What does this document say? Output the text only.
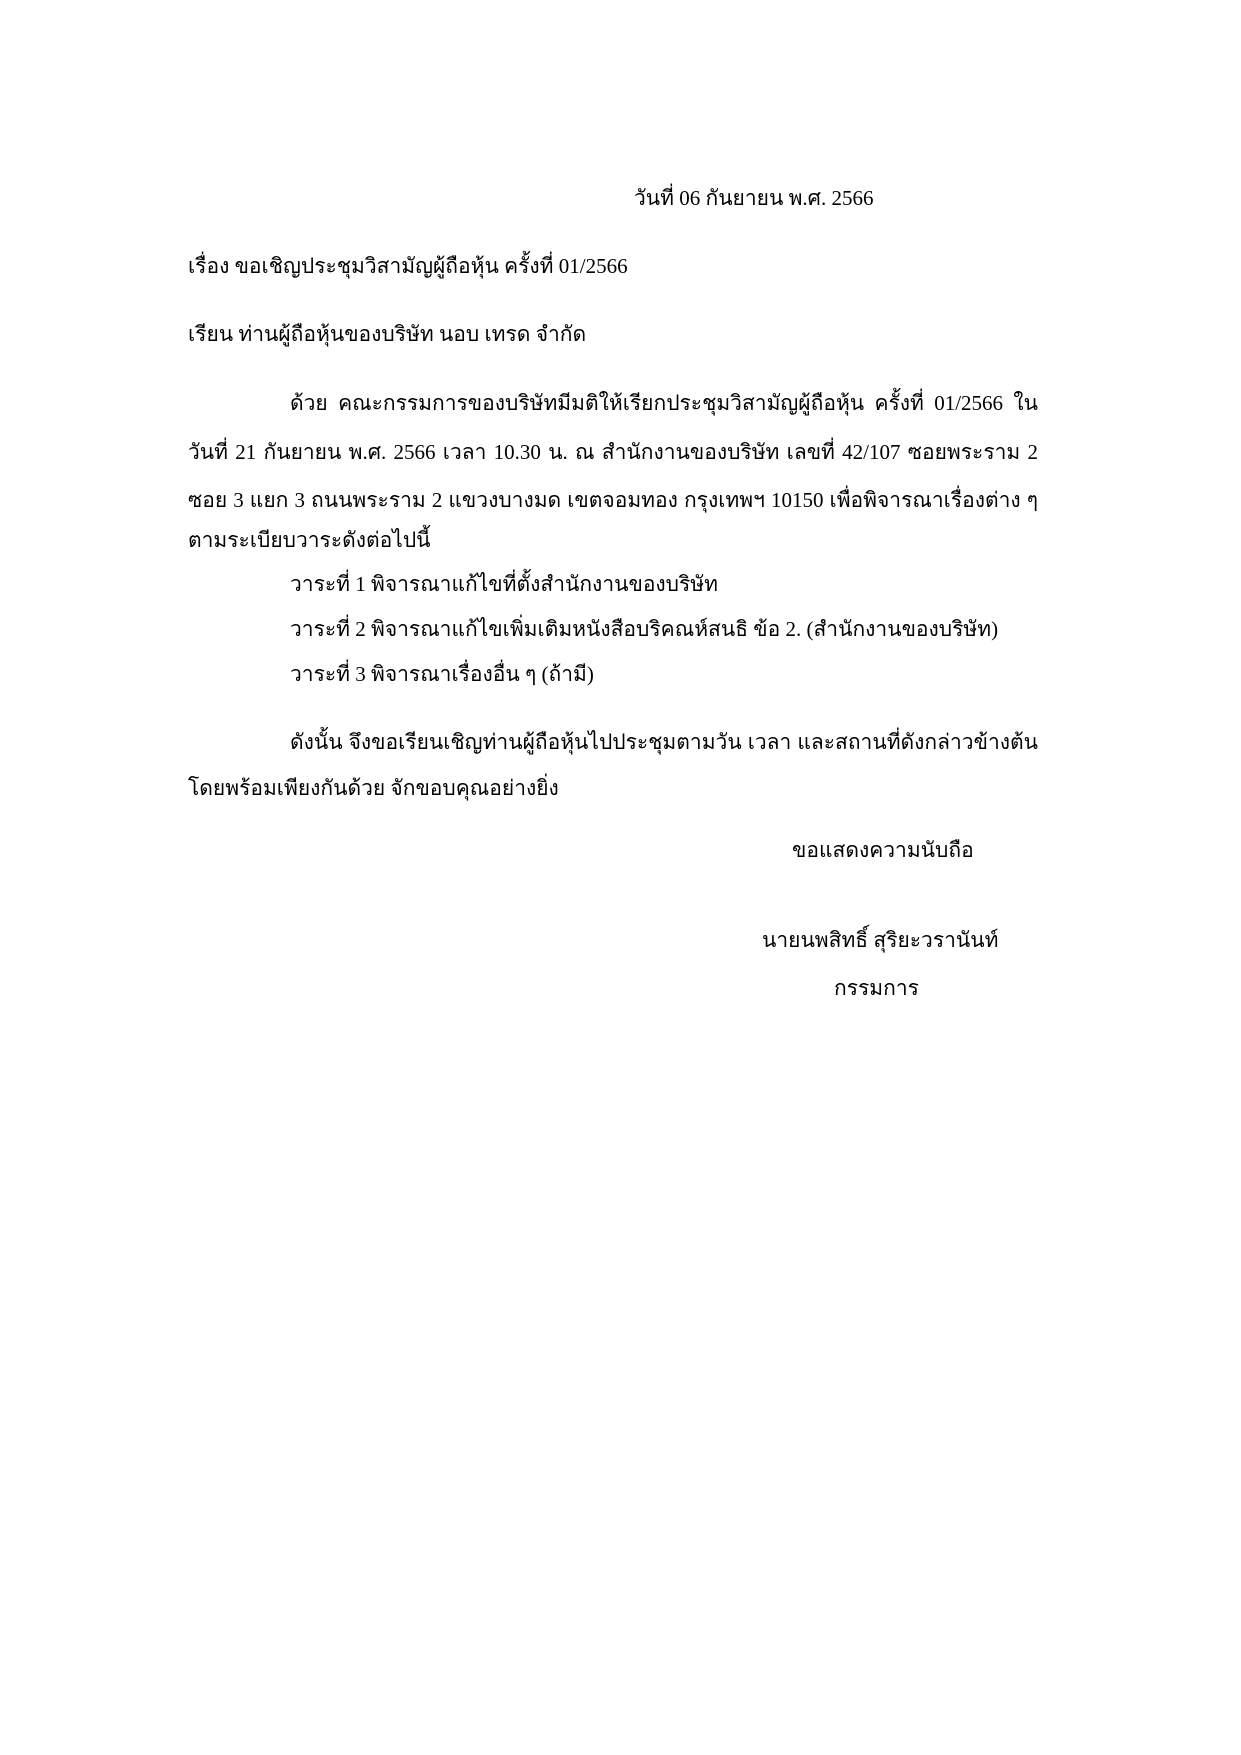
วันที่ 06 กันยายน พ.ศ. 2566
เรื่อง ขอเชิญประชุมวิสามัญผู้ถือหุ้น ครั้งที่ 01/2566
เรียน ท่านผู้ถือหุ้นของบริษัท นอบ เทรด จำกัด
ด้วย คณะกรรมการของบริษัทมีมติให้เรียกประชุมวิสามัญผู้ถือหุ้น ครั้งที่ 01/2566 ใน
วันที่ 21 กันยายน พ.ศ. 2566 เวลา 10.30 น. ณ สำนักงานของบริษัท เลขที่ 42/107 ซอยพระราม 2
ซอย 3 แยก 3 ถนนพระราม 2 แขวงบางมด เขตจอมทอง กรุงเทพฯ 10150 เพื่อพิจารณาเรื่องต่าง ๆ
ตามระเบียบวาระดังต่อไปนี้
วาระที่ 1 พิจารณาแก้ไขที่ตั้งสำนักงานของบริษัท
วาระที่ 2 พิจารณาแก้ไขเพิ่มเติมหนังสือบริคณห์สนธิ ข้อ 2. (สำนักงานของบริษัท)
วาระที่ 3 พิจารณาเรื่องอื่น ๆ (ถ้ามี)
ดังนั้น จึงขอเรียนเชิญท่านผู้ถือหุ้นไปประชุมตามวัน เวลา และสถานที่ดังกล่าวข้างต้น
โดยพร้อมเพียงกันด้วย จักขอบคุณอย่างยิ่ง
ขอแสดงความนับถือ
นายนพสิทธิ์ สุริยะวรานันท์
กรรมการ
